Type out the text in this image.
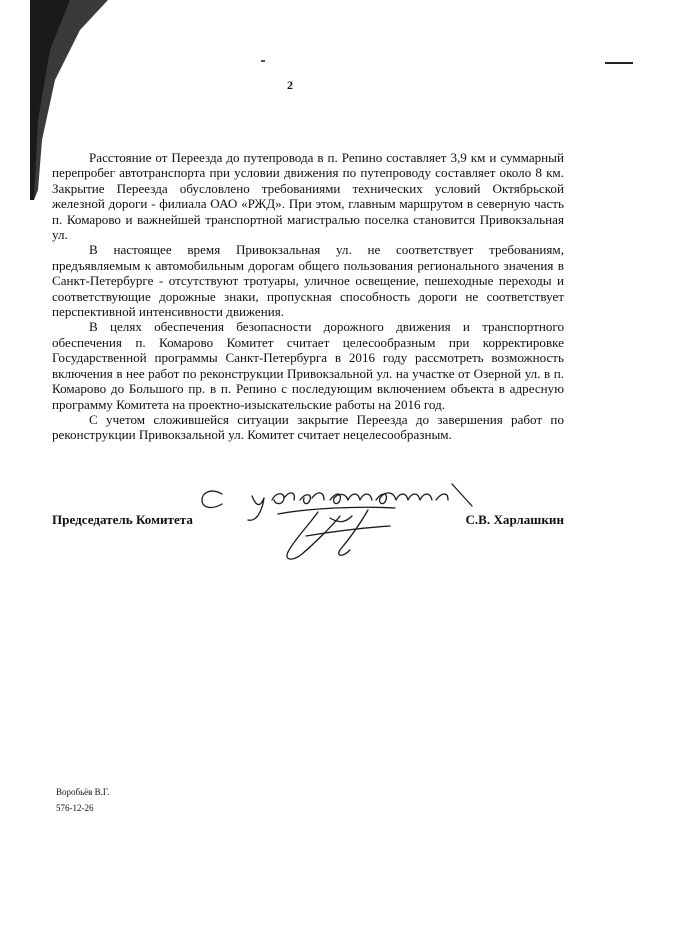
2

Расстояние от Переезда до путепровода в п. Репино составляет 3,9 км и суммарный перепробег автотранспорта при условии движения по путепроводу составляет около 8 км. Закрытие Переезда обусловлено требованиями технических условий Октябрьской железной дороги - филиала ОАО «РЖД». При этом, главным маршрутом в северную часть п. Комарово и важнейшей транспортной магистралью поселка становится Привокзальная ул.

В настоящее время Привокзальная ул. не соответствует требованиям, предъявляемым к автомобильным дорогам общего пользования регионального значения в Санкт-Петербурге - отсутствуют тротуары, уличное освещение, пешеходные переходы и соответствующие дорожные знаки, пропускная способность дороги не соответствует перспективной интенсивности движения.

В целях обеспечения безопасности дорожного движения и транспортного обеспечения п. Комарово Комитет считает целесообразным при корректировке Государственной программы Санкт-Петербурга в 2016 году рассмотреть возможность включения в нее работ по реконструкции Привокзальной ул. на участке от Озерной ул. в п. Комарово до Большого пр. в п. Репино с последующим включением объекта в адресную программу Комитета на проектно-изыскательские работы на 2016 год.

С учетом сложившейся ситуации закрытие Переезда до завершения работ по реконструкции Привокзальной ул. Комитет считает нецелесообразным.

Председатель Комитета	С.В. Харлашкин
Воробьёв В.Г.
576-12-26
